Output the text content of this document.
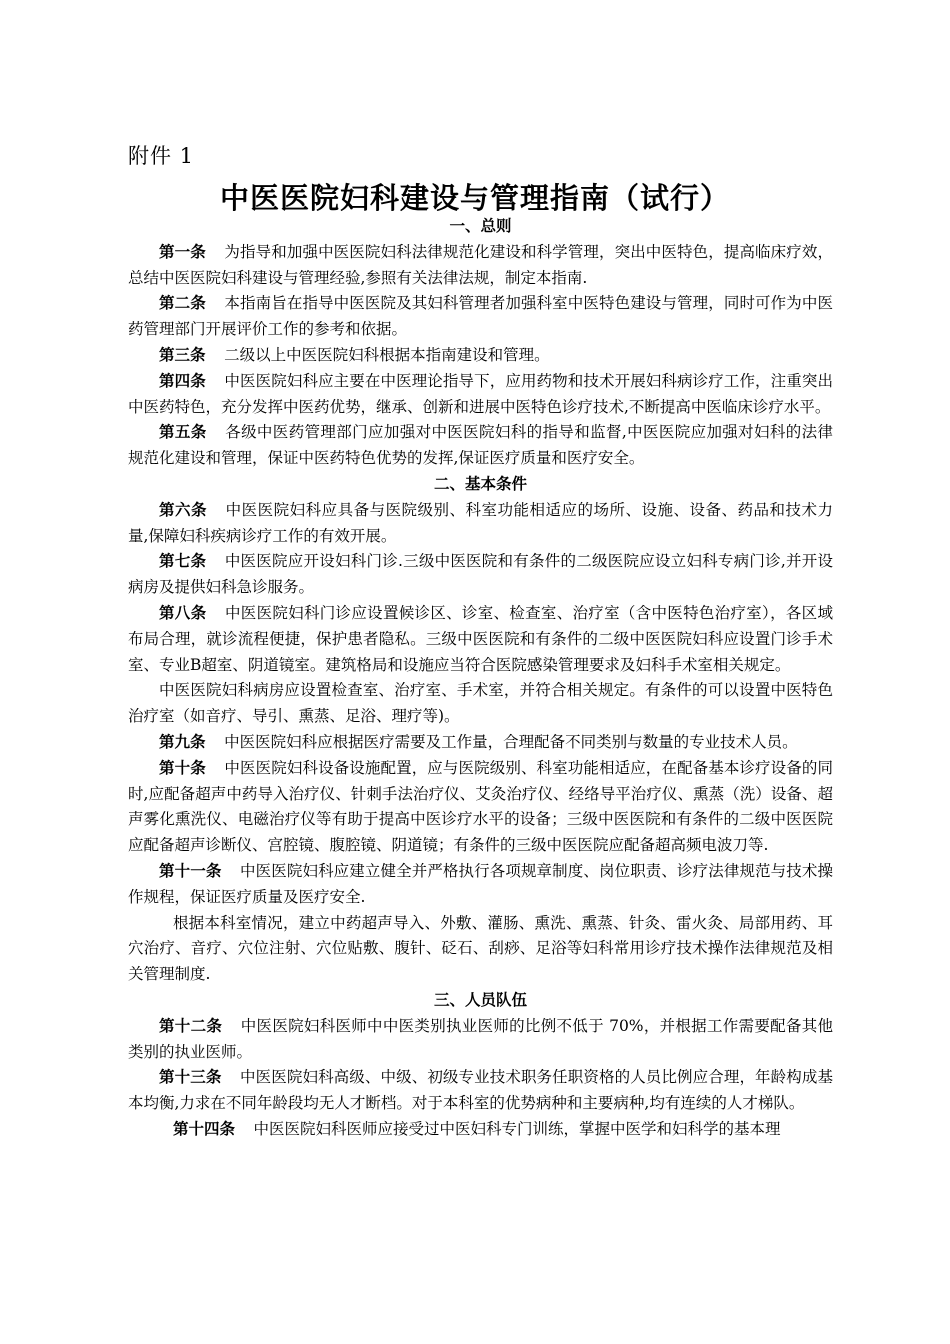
附件 1
中医医院妇科建设与管理指南（试行）

一、总则

第一条 为指导和加强中医医院妇科法律规范化建设和科学管理，突出中医特色，提高临床疗效，总结中医医院妇科建设与管理经验,参照有关法律法规，制定本指南.

第二条 本指南旨在指导中医医院及其妇科管理者加强科室中医特色建设与管理，同时可作为中医药管理部门开展评价工作的参考和依据。

第三条 二级以上中医医院妇科根据本指南建设和管理。

第四条 中医医院妇科应主要在中医理论指导下，应用药物和技术开展妇科病诊疗工作，注重突出中医药特色，充分发挥中医药优势，继承、创新和进展中医特色诊疗技术,不断提高中医临床诊疗水平。

第五条 各级中医药管理部门应加强对中医医院妇科的指导和监督,中医医院应加强对妇科的法律规范化建设和管理，保证中医药特色优势的发挥,保证医疗质量和医疗安全。

二、基本条件

第六条 中医医院妇科应具备与医院级别、科室功能相适应的场所、设施、设备、药品和技术力量,保障妇科疾病诊疗工作的有效开展。

第七条 中医医院应开设妇科门诊.三级中医医院和有条件的二级医院应设立妇科专病门诊,并开设病房及提供妇科急诊服务。

第八条 中医医院妇科门诊应设置候诊区、诊室、检查室、治疗室（含中医特色治疗室），各区域布局合理，就诊流程便捷，保护患者隐私。三级中医医院和有条件的二级中医医院妇科应设置门诊手术室、专业B超室、阴道镜室。建筑格局和设施应当符合医院感染管理要求及妇科手术室相关规定。

中医医院妇科病房应设置检查室、治疗室、手术室，并符合相关规定。有条件的可以设置中医特色治疗室（如音疗、导引、熏蒸、足浴、理疗等)。

第九条 中医医院妇科应根据医疗需要及工作量，合理配备不同类别与数量的专业技术人员。

第十条 中医医院妇科设备设施配置，应与医院级别、科室功能相适应，在配备基本诊疗设备的同时,应配备超声中药导入治疗仪、针刺手法治疗仪、艾灸治疗仪、经络导平治疗仪、熏蒸（洗）设备、超声雾化熏洗仪、电磁治疗仪等有助于提高中医诊疗水平的设备；三级中医医院和有条件的二级中医医院应配备超声诊断仪、宫腔镜、腹腔镜、阴道镜；有条件的三级中医医院应配备超高频电波刀等.

第十一条 中医医院妇科应建立健全并严格执行各项规章制度、岗位职责、诊疗法律规范与技术操作规程，保证医疗质量及医疗安全.

根据本科室情况，建立中药超声导入、外敷、灌肠、熏洗、熏蒸、针灸、雷火灸、局部用药、耳穴治疗、音疗、穴位注射、穴位贴敷、腹针、砭石、刮痧、足浴等妇科常用诊疗技术操作法律规范及相关管理制度.

三、人员队伍

第十二条 中医医院妇科医师中中医类别执业医师的比例不低于 70%，并根据工作需要配备其他类别的执业医师。

第十三条 中医医院妇科高级、中级、初级专业技术职务任职资格的人员比例应合理，年龄构成基本均衡,力求在不同年龄段均无人才断档。对于本科室的优势病种和主要病种,均有连续的人才梯队。

第十四条 中医医院妇科医师应接受过中医妇科专门训练，掌握中医学和妇科学的基本理
